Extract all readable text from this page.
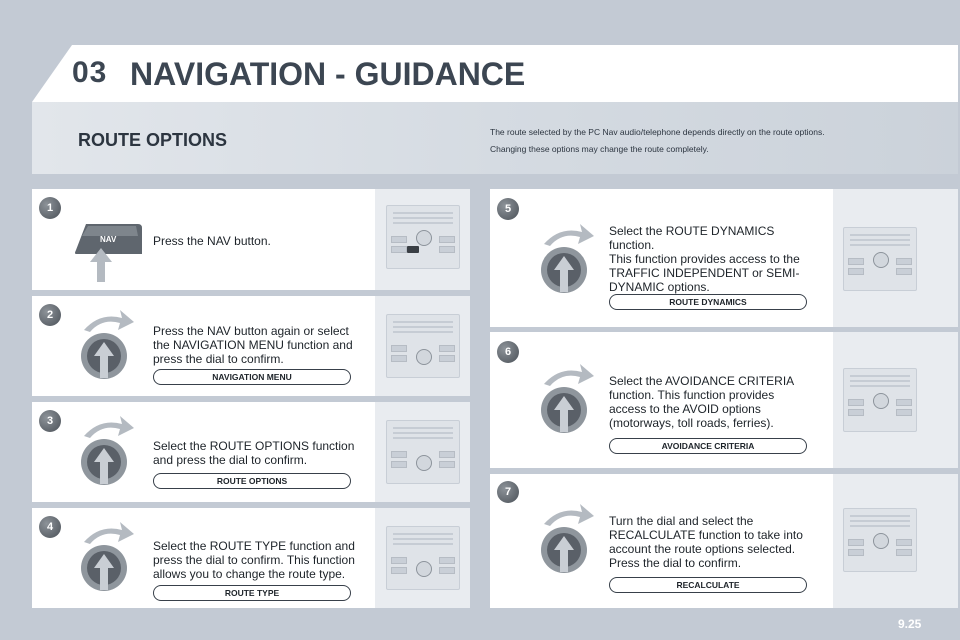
03 NAVIGATION - GUIDANCE
ROUTE OPTIONS	The route selected by the PC Nav audio/telephone depends directly on the route options.
Changing these options may change the route completely.
1
NAV	Press the NAV button.
2
Press the NAV button again or select
the NAVIGATION MENU function and
press the dial to confirm.
NAVIGATION MENU
3
Select the ROUTE OPTIONS function
and press the dial to confirm.
ROUTE OPTIONS
4
Select the ROUTE TYPE function and
press the dial to confirm. This function
allows you to change the route type.
ROUTE TYPE
5
Select the ROUTE DYNAMICS
function.
This function provides access to the
TRAFFIC INDEPENDENT or SEMI-
DYNAMIC options.
ROUTE DYNAMICS
6
Select the AVOIDANCE CRITERIA
function. This function provides
access to the AVOID options
(motorways, toll roads, ferries).
AVOIDANCE CRITERIA
7
Turn the dial and select the
RECALCULATE function to take into
account the route options selected.
Press the dial to confirm.
RECALCULATE
9.25
